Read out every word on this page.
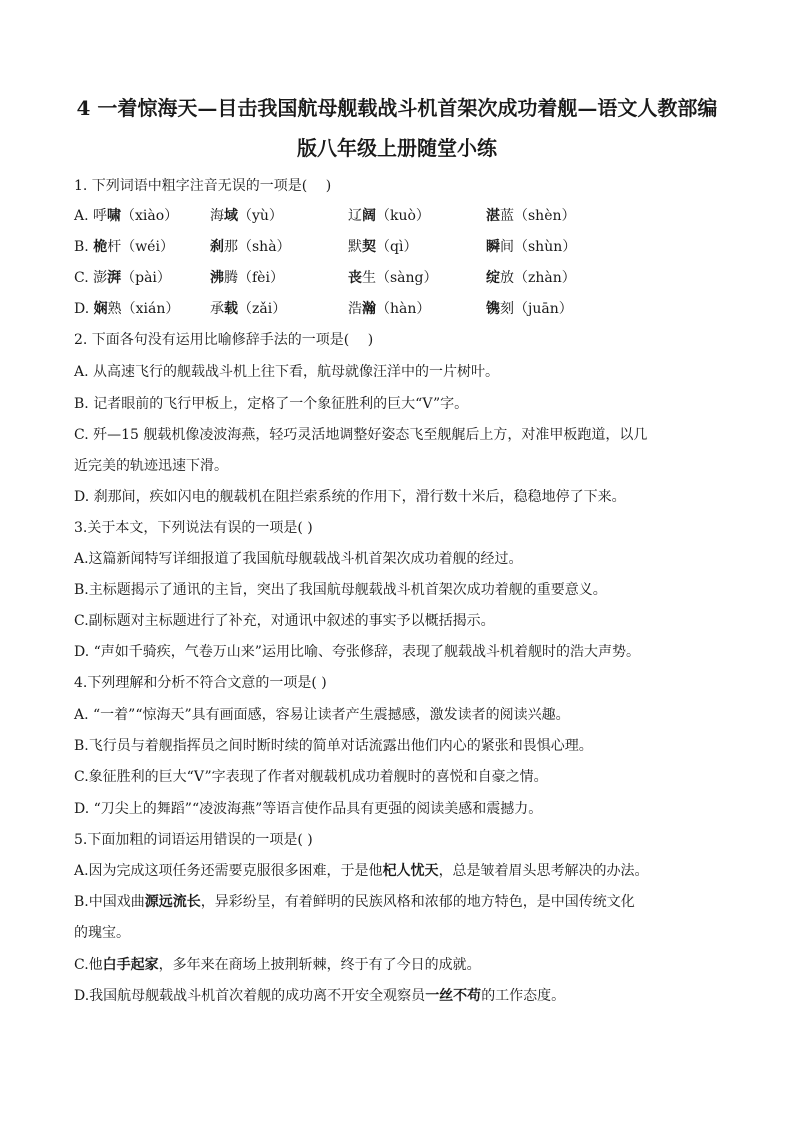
4 一着惊海天—目击我国航母舰载战斗机首架次成功着舰—语文人教部编
版八年级上册随堂小练
1. 下列词语中粗字注音无误的一项是(　 )
A. 呼啸（xiào） 海域（yù）	辽阔（kuò）	湛蓝（shèn）
B. 桅杆（wéi）	刹那（shà）	默契（qì）	瞬间（shùn）
C. 澎湃（pài）	沸腾（fèi）	丧生（sàng）	绽放（zhàn）
D. 娴熟（xián） 承载（zǎi）	浩瀚（hàn）	镌刻（juān）
2. 下面各句没有运用比喻修辞手法的一项是(　 )
A. 从高速飞行的舰载战斗机上往下看，航母就像汪洋中的一片树叶。
B. 记者眼前的飞行甲板上，定格了一个象征胜利的巨大“V”字。
C. 歼—15 舰载机像凌波海燕，轻巧灵活地调整好姿态飞至舰艉后上方，对准甲板跑道，以几
近完美的轨迹迅速下滑。
D. 刹那间，疾如闪电的舰载机在阻拦索系统的作用下，滑行数十米后，稳稳地停了下来。
3.关于本文，下列说法有误的一项是( )
A.这篇新闻特写详细报道了我国航母舰载战斗机首架次成功着舰的经过。
B.主标题揭示了通讯的主旨，突出了我国航母舰载战斗机首架次成功着舰的重要意义。
C.副标题对主标题进行了补充，对通讯中叙述的事实予以概括揭示。
D. “声如千骑疾，气卷万山来”运用比喻、夸张修辞，表现了舰载战斗机着舰时的浩大声势。
4.下列理解和分析不符合文意的一项是( )
A. “一着”“惊海天”具有画面感，容易让读者产生震撼感，激发读者的阅读兴趣。
B.飞行员与着舰指挥员之间时断时续的简单对话流露出他们内心的紧张和畏惧心理。
C.象征胜利的巨大“V”字表现了作者对舰载机成功着舰时的喜悦和自豪之情。
D. “刀尖上的舞蹈”“凌波海燕”等语言使作品具有更强的阅读美感和震撼力。
5.下面加粗的词语运用错误的一项是( )
A.因为完成这项任务还需要克服很多困难，于是他杞人忧天，总是皱着眉头思考解决的办法。
B.中国戏曲源远流长，异彩纷呈，有着鲜明的民族风格和浓郁的地方特色，是中国传统文化
的瑰宝。
C.他白手起家，多年来在商场上披荆斩棘，终于有了今日的成就。
D.我国航母舰载战斗机首次着舰的成功离不开安全观察员一丝不苟的工作态度。
